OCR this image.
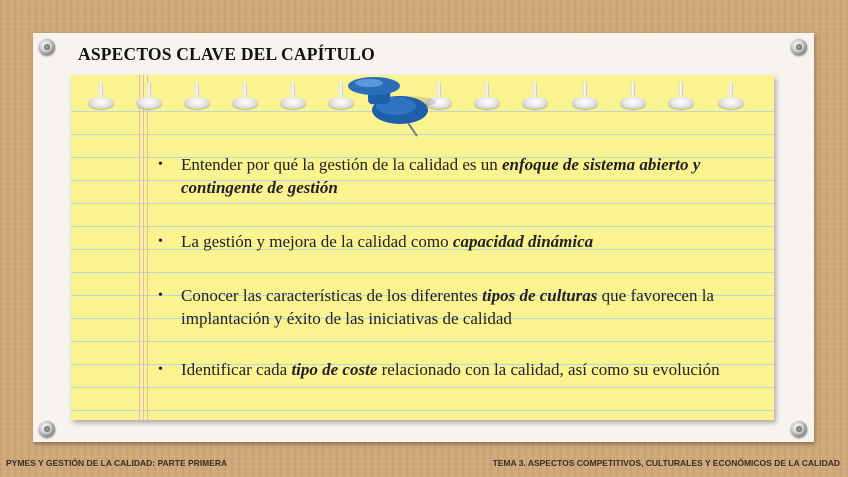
ASPECTOS CLAVE DEL CAPÍTULO
• Entender por qué la gestión de la calidad es un enfoque de sistema abierto y contingente de gestión
• La gestión y mejora de la calidad como capacidad dinámica
• Conocer las características de los diferentes tipos de culturas que favorecen la implantación y éxito de las iniciativas de calidad
• Identificar cada tipo de coste relacionado con la calidad, así como su evolución

PYMES Y GESTIÓN DE LA CALIDAD: PARTE PRIMERA	TEMA 3. ASPECTOS COMPETITIVOS, CULTURALES Y ECONÓMICOS DE LA CALIDAD
